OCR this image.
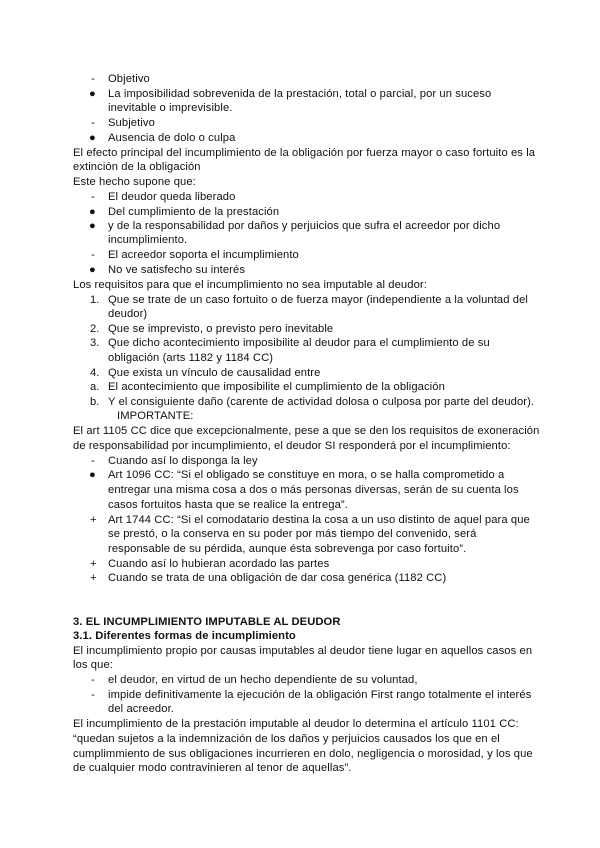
- Objetivo
● La imposibilidad sobrevenida de la prestación, total o parcial, por un suceso
inevitable o imprevisible.
- Subjetivo
● Ausencia de dolo o culpa
El efecto principal del incumplimiento de la obligación por fuerza mayor o caso fortuito es la
extinción de la obligación
Este hecho supone que:
- El deudor queda liberado
● Del cumplimiento de la prestación
● y de la responsabilidad por daños y perjuicios que sufra el acreedor por dicho
incumplimiento.
- El acreedor soporta el incumplimiento
● No ve satisfecho su interés
Los requisitos para que el incumplimiento no sea imputable al deudor:
1. Que se trate de un caso fortuito o de fuerza mayor (independiente a la voluntad del
deudor)
2. Que se imprevisto, o previsto pero inevitable
3. Que dicho acontecimiento imposibilite al deudor para el cumplimiento de su
obligación (arts 1182 y 1184 CC)
4. Que exista un vínculo de causalidad entre
a. El acontecimiento que imposibilite el cumplimiento de la obligación
b. Y el consiguiente daño (carente de actividad dolosa o culposa por parte del deudor).
IMPORTANTE:
El art 1105 CC dice que excepcionalmente, pese a que se den los requisitos de exoneración
de responsabilidad por incumplimiento, el deudor SI responderá por el incumplimiento:
- Cuando así lo disponga la ley
● Art 1096 CC: “Si el obligado se constituye en mora, o se halla comprometido a
entregar una misma cosa a dos o más personas diversas, serán de su cuenta los
casos fortuitos hasta que se realice la entrega”.
+ Art 1744 CC: “Si el comodatario destina la cosa a un uso distinto de aquel para que
se prestó, o la conserva en su poder por más tiempo del convenido, será
responsable de su pérdida, aunque ésta sobrevenga por caso fortuito”.
+ Cuando así lo hubieran acordado las partes
+ Cuando se trata de una obligación de dar cosa genérica (1182 CC)
3. EL INCUMPLIMIENTO IMPUTABLE AL DEUDOR
3.1. Diferentes formas de incumplimiento
El incumplimiento propio por causas imputables al deudor tiene lugar en aquellos casos en
los que:
- el deudor, en virtud de un hecho dependiente de su voluntad,
- impide definitivamente la ejecución de la obligación First rango totalmente el interés
del acreedor.
El incumplimiento de la prestación imputable al deudor lo determina el artículo 1101 CC:
“quedan sujetos a la indemnización de los daños y perjuicios causados los que en el
cumplimmiento de sus obligaciones incurrieren en dolo, negligencia o morosidad, y los que
de cualquier modo contravinieren al tenor de aquellas”.
